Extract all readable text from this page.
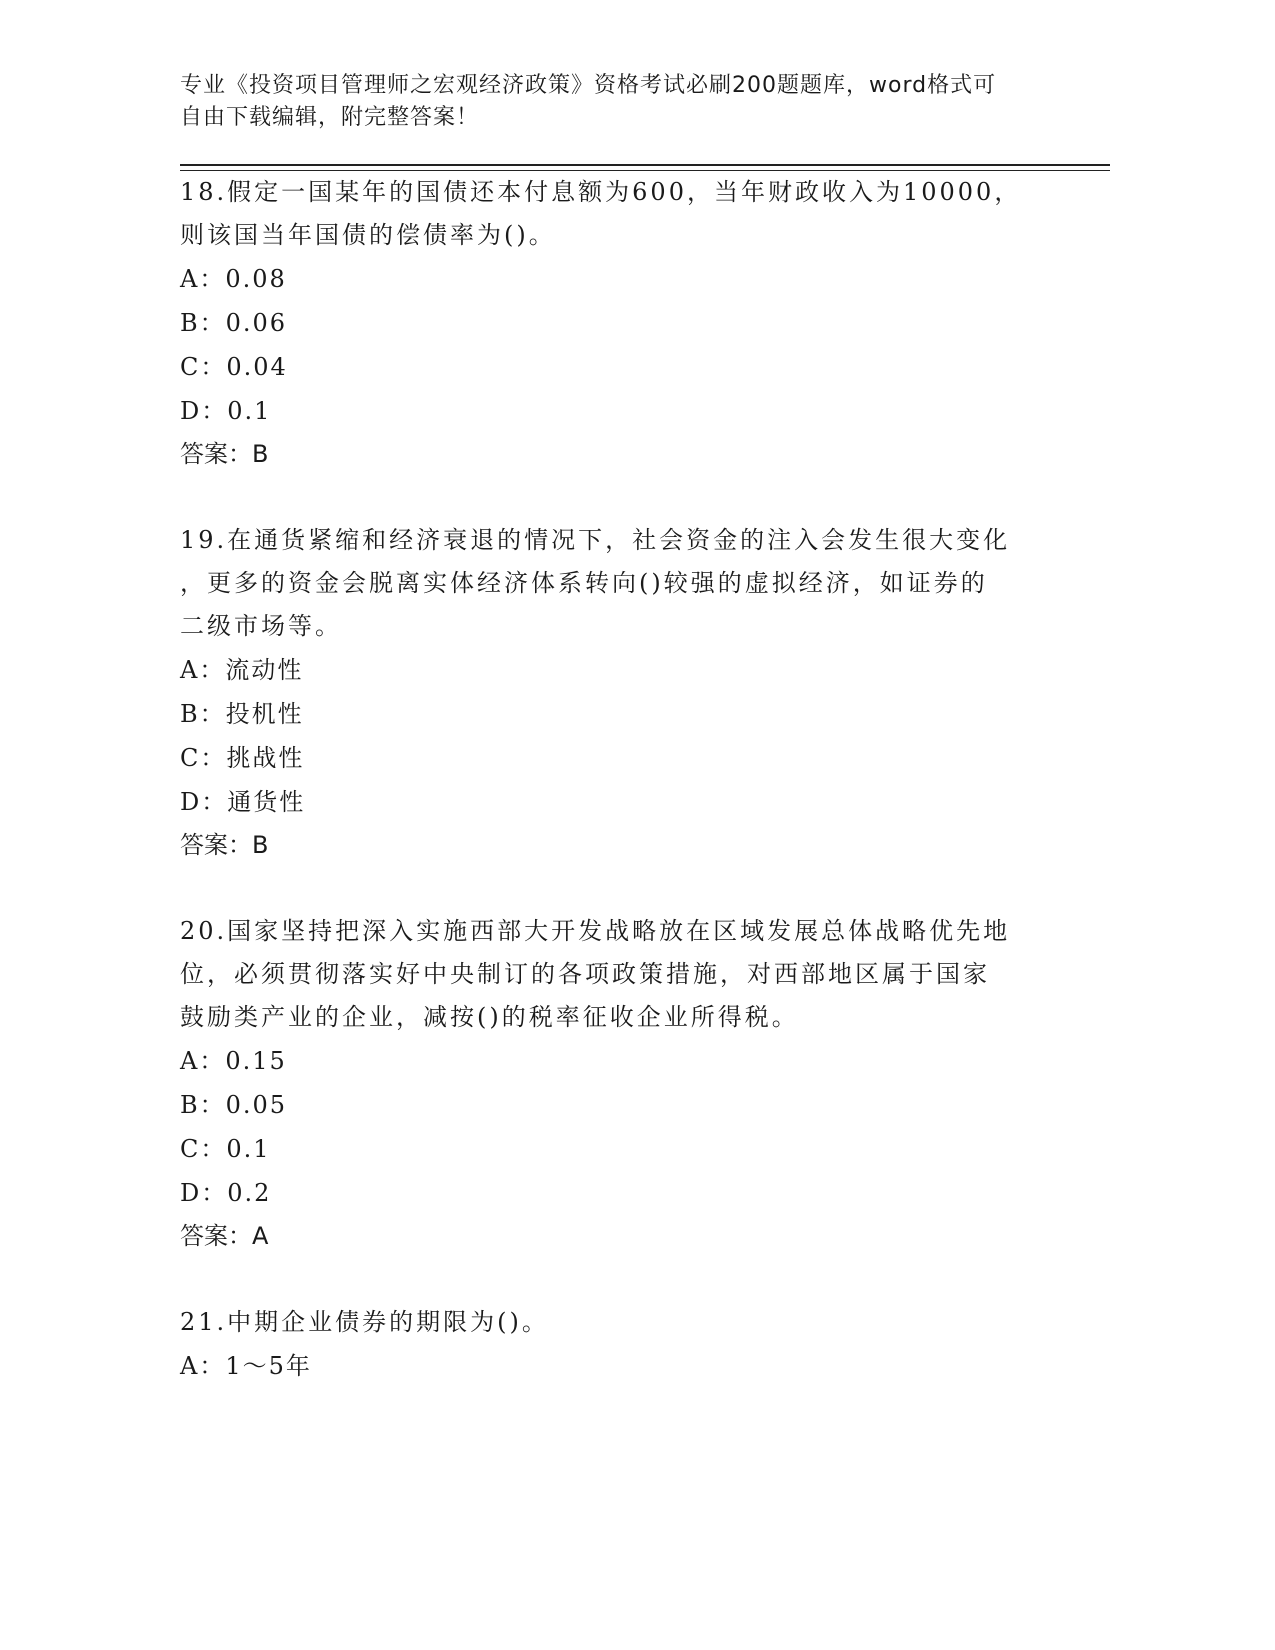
专业《投资项目管理师之宏观经济政策》资格考试必刷200题题库，word格式可

自由下载编辑，附完整答案！

18.假定一国某年的国债还本付息额为600，当年财政收入为10000，
则该国当年国债的偿债率为()。

A：0.08

B：0.06

C：0.04

D：0.1

答案：B

19.在通货紧缩和经济衰退的情况下，社会资金的注入会发生很大变化
，更多的资金会脱离实体经济体系转向()较强的虚拟经济，如证券的
二级市场等。

A：流动性

B：投机性

C：挑战性

D：通货性

答案：B

20.国家坚持把深入实施西部大开发战略放在区域发展总体战略优先地
位，必须贯彻落实好中央制订的各项政策措施，对西部地区属于国家
鼓励类产业的企业，减按()的税率征收企业所得税。

A：0.15

B：0.05

C：0.1

D：0.2

答案：A

21.中期企业债券的期限为()。

A：1～5年
